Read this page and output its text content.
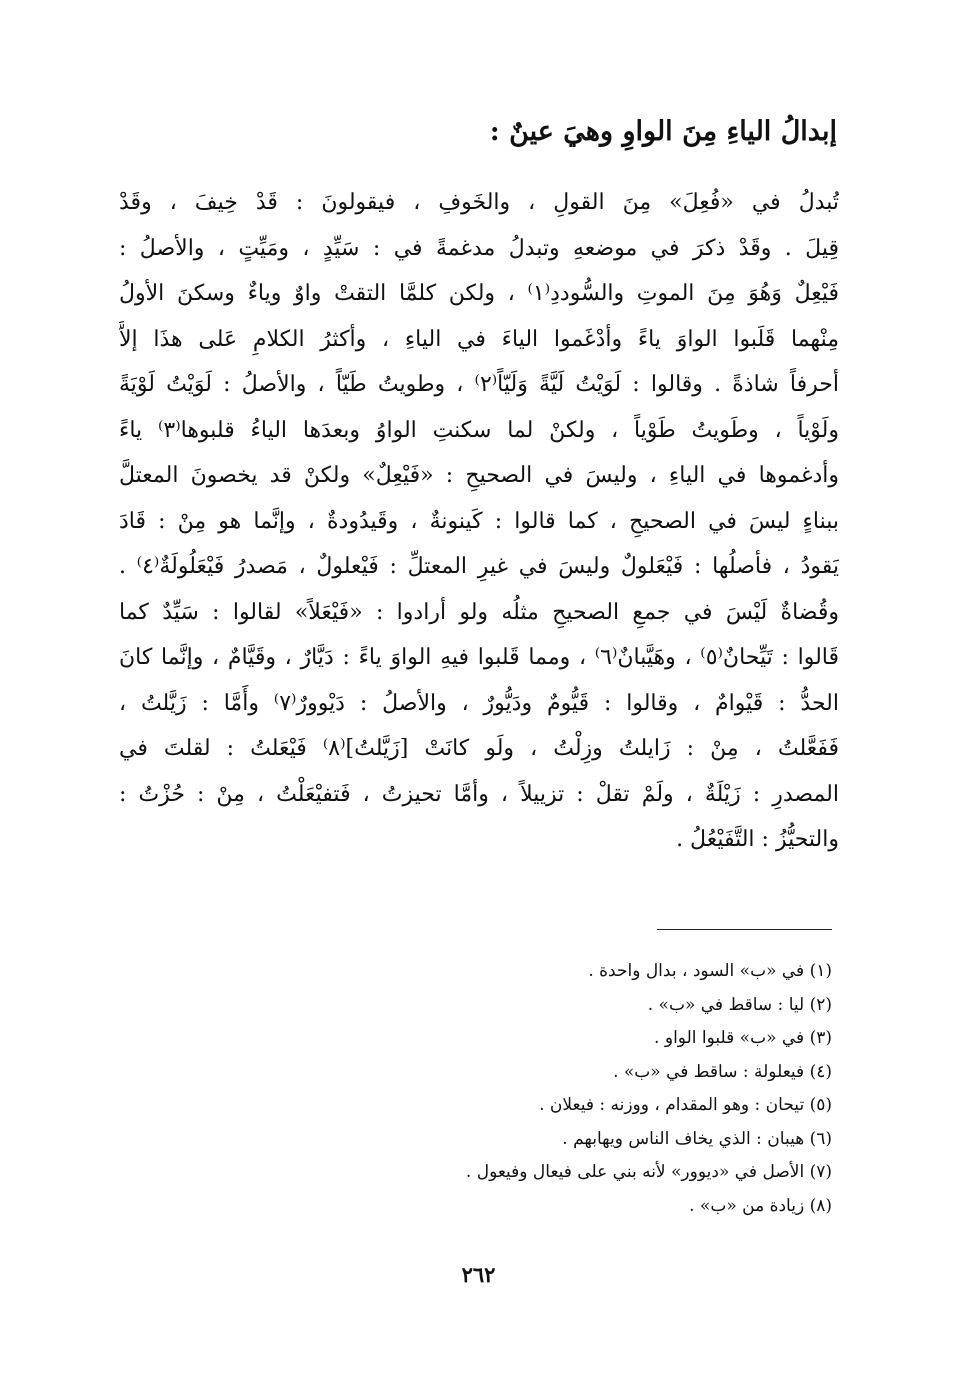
إبدالُ الياءِ مِنَ الواوِ وهيَ عينٌ :
تُبدلُ في «فُعِلَ» مِنَ القولِ ، والخَوفِ ، فيقولونَ : قَدْ خِيفَ ، وقَدْ
قِيلَ . وقَدْ ذكرَ في موضعهِ وتبدلُ مدغمةً في : سَيِّدٍ ، ومَيِّتٍ ، والأصلُ :
فَيْعِلٌ وَهُوَ مِنَ الموتِ والسُّوددِ⁽١⁾ ، ولكن كلمَّا التقتْ واوٌ وياءٌ وسكنَ الأولُ
مِنْهما قَلَبوا الواوَ ياءً وأدْغَموا الياءَ في الياءِ ، وأكثرُ الكلامِ عَلى هذَا إلاَّ
أحرفاً شاذةً . وقالوا : لَوَيْتُ لَيَّةً وَلَيّاً⁽٢⁾ ، وطويتُ طَيّاً ، والأصلُ : لَوَيْتُ لَوْيَةً
ولَوْياً ، وطَويتُ طَوْياً ، ولكنْ لما سكنتِ الواوُ وبعدَها الياءُ قلبوها⁽٣⁾ ياءً
وأدغموها في الياءِ ، وليسَ في الصحيحِ : «فَيْعِلٌ» ولكنْ قد يخصونَ المعتلَّ
ببناءٍ ليسَ في الصحيحِ ، كما قالوا : كَينونةٌ ، وقَيدُودةٌ ، وإنَّما هو مِنْ : قَادَ
يَقودُ ، فأصلُها : فَيْعَلولٌ وليسَ في غيرِ المعتلِّ : فَيْعلولٌ ، مَصدرُ فَيْعَلُولَةٌ⁽٤⁾ .
وقُضاةٌ لَيْسَ في جمعِ الصحيحِ مثلُه ولو أرادوا : «فَيْعَلاً» لقالوا : سَيِّدٌ كما
قَالوا : تَيِّحانٌ⁽٥⁾ ، وهَيَّبانٌ⁽٦⁾ ، ومما قَلبوا فيهِ الواوَ ياءً : دَيَّارٌ ، وقَيَّامٌ ، وإنَّما كانَ
الحدُّ : قَيْوامٌ ، وقالوا : قَيُّومٌ ودَيُّورٌ ، والأصلُ : دَيْوورٌ⁽٧⁾ وأَمَّا : زَيَّلتُ ،
فَفَعَّلتُ ، مِنْ : زَايلتُ وزِلْتُ ، ولَو كانَتْ [زَيَّلتُ]⁽٨⁾ فَيْعَلتُ : لقلتَ في
المصدرِ : زَيْلَةٌ ، ولَمْ تقلْ : تزييلاً ، وأمَّا تحيزتُ ، فَتفيْعَلْتُ ، مِنْ : حُزْتُ :
والتحيُّزُ : التَّفَيْعُلُ .
(١) في «ب» السود ، بدال واحدة .
(٢) ليا : ساقط في «ب» .
(٣) في «ب» قلبوا الواو .
(٤) فيعلولة : ساقط في «ب» .
(٥) تيحان : وهو المقدام ، ووزنه : فيعلان .
(٦) هيبان : الذي يخاف الناس ويهابهم .
(٧) الأصل في «ديوور» لأنه بني على فيعال وفيعول .
(٨) زيادة من «ب» .
٢٦٢
